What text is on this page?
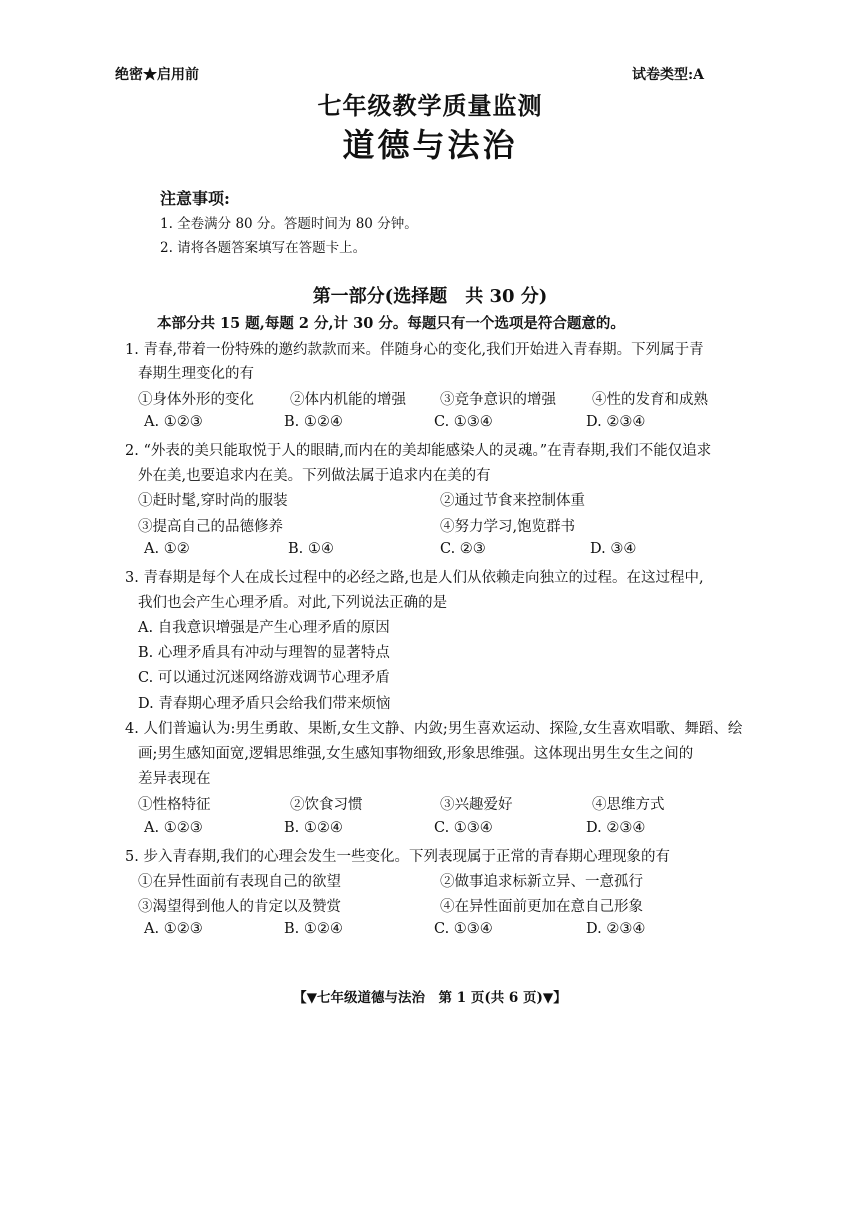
绝密★启用前	试卷类型:A
七年级教学质量监测
道德与法治
注意事项:
1. 全卷满分 80 分。答题时间为 80 分钟。
2. 请将各题答案填写在答题卡上。
第一部分(选择题　共 30 分)
本部分共 15 题,每题 2 分,计 30 分。每题只有一个选项是符合题意的。
1. 青春,带着一份特殊的邀约款款而来。伴随身心的变化,我们开始进入青春期。下列属于青
春期生理变化的有
①身体外形的变化 ②体内机能的增强 ③竞争意识的增强 ④性的发育和成熟
A. ①②③	B. ①②④	C. ①③④	D. ②③④
2. “外表的美只能取悦于人的眼睛,而内在的美却能感染人的灵魂。”在青春期,我们不能仅追求
外在美,也要追求内在美。下列做法属于追求内在美的有
①赶时髦,穿时尚的服装	②通过节食来控制体重
③提高自己的品德修养	④努力学习,饱览群书
A. ①②	B. ①④	C. ②③	D. ③④
3. 青春期是每个人在成长过程中的必经之路,也是人们从依赖走向独立的过程。在这过程中,
我们也会产生心理矛盾。对此,下列说法正确的是
A. 自我意识增强是产生心理矛盾的原因
B. 心理矛盾具有冲动与理智的显著特点
C. 可以通过沉迷网络游戏调节心理矛盾
D. 青春期心理矛盾只会给我们带来烦恼
4. 人们普遍认为:男生勇敢、果断,女生文静、内敛;男生喜欢运动、探险,女生喜欢唱歌、舞蹈、绘
画;男生感知面宽,逻辑思维强,女生感知事物细致,形象思维强。这体现出男生女生之间的
差异表现在
①性格特征	②饮食习惯	③兴趣爱好	④思维方式
A. ①②③	B. ①②④	C. ①③④	D. ②③④
5. 步入青春期,我们的心理会发生一些变化。下列表现属于正常的青春期心理现象的有
①在异性面前有表现自己的欲望	②做事追求标新立异、一意孤行
③渴望得到他人的肯定以及赞赏	④在异性面前更加在意自己形象
A. ①②③	B. ①②④	C. ①③④	D. ②③④
【▼七年级道德与法治　第 1 页(共 6 页)▼】
